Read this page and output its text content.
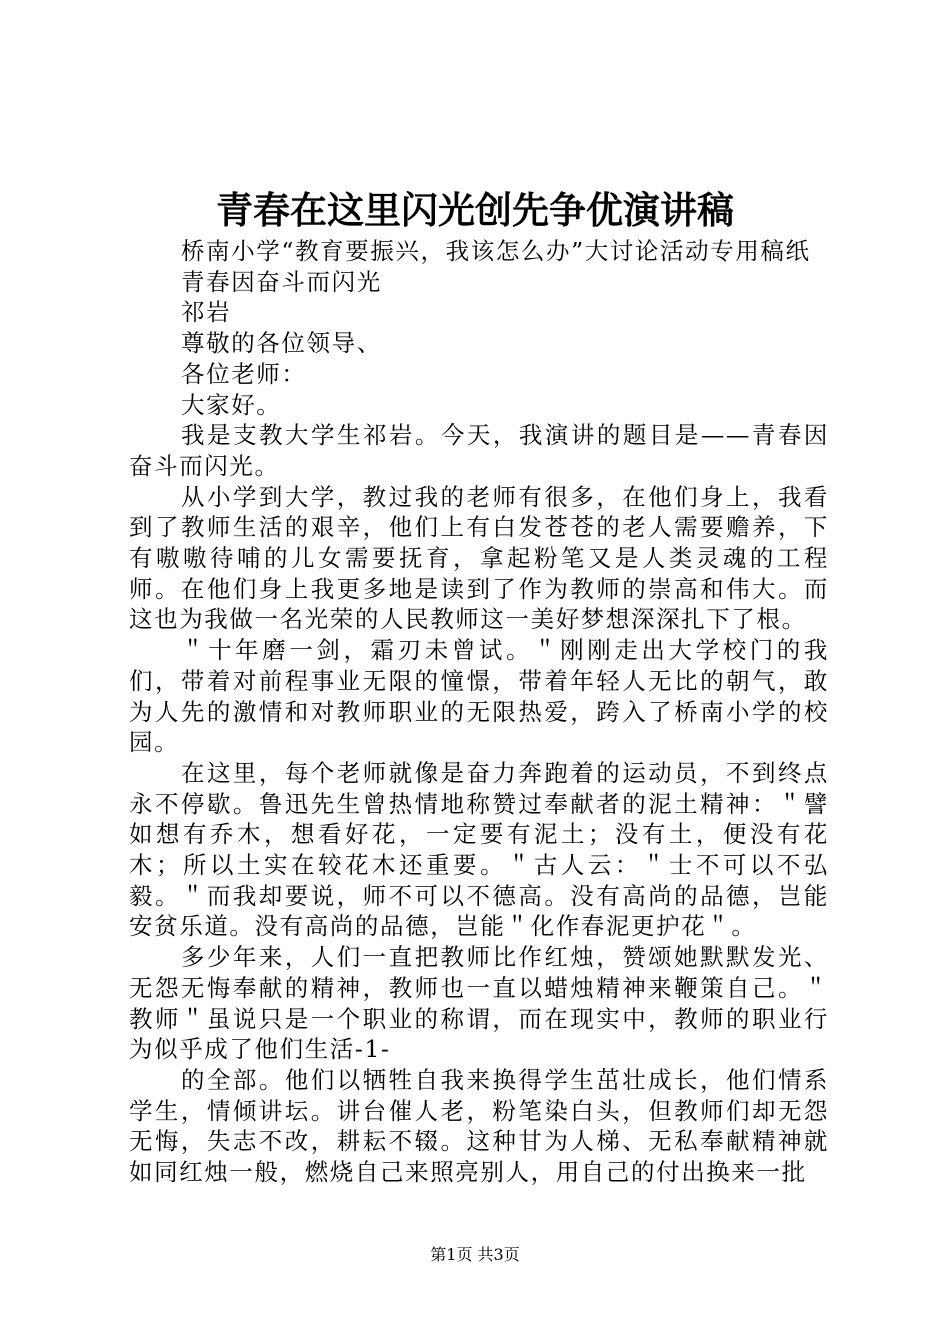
青春在这里闪光创先争优演讲稿

桥南小学“教育要振兴，我该怎么办”大讨论活动专用稿纸

青春因奋斗而闪光

祁岩

尊敬的各位领导、

各位老师：

大家好。

我是支教大学生祁岩。今天，我演讲的题目是——青春因奋斗而闪光。

从小学到大学，教过我的老师有很多，在他们身上，我看到了教师生活的艰辛，他们上有白发苍苍的老人需要赡养，下有嗷嗷待哺的儿女需要抚育，拿起粉笔又是人类灵魂的工程师。在他们身上我更多地是读到了作为教师的崇高和伟大。而这也为我做一名光荣的人民教师这一美好梦想深深扎下了根。

＂十年磨一剑，霜刃未曾试。＂刚刚走出大学校门的我们，带着对前程事业无限的憧憬，带着年轻人无比的朝气，敢为人先的激情和对教师职业的无限热爱，跨入了桥南小学的校园。

在这里，每个老师就像是奋力奔跑着的运动员，不到终点永不停歇。鲁迅先生曾热情地称赞过奉献者的泥土精神：＂譬如想有乔木，想看好花，一定要有泥土；没有土，便没有花木；所以土实在较花木还重要。＂古人云：＂士不可以不弘毅。＂而我却要说，师不可以不德高。没有高尚的品德，岂能安贫乐道。没有高尚的品德，岂能＂化作春泥更护花＂。

多少年来，人们一直把教师比作红烛，赞颂她默默发光、无怨无悔奉献的精神，教师也一直以蜡烛精神来鞭策自己。＂教师＂虽说只是一个职业的称谓，而在现实中，教师的职业行为似乎成了他们生活-1-

的全部。他们以牺牲自我来换得学生茁壮成长，他们情系学生，情倾讲坛。讲台催人老，粉笔染白头，但教师们却无怨无悔，失志不改，耕耘不辍。这种甘为人梯、无私奉献精神就如同红烛一般，燃烧自己来照亮别人，用自己的付出换来一批

第1页 共3页
